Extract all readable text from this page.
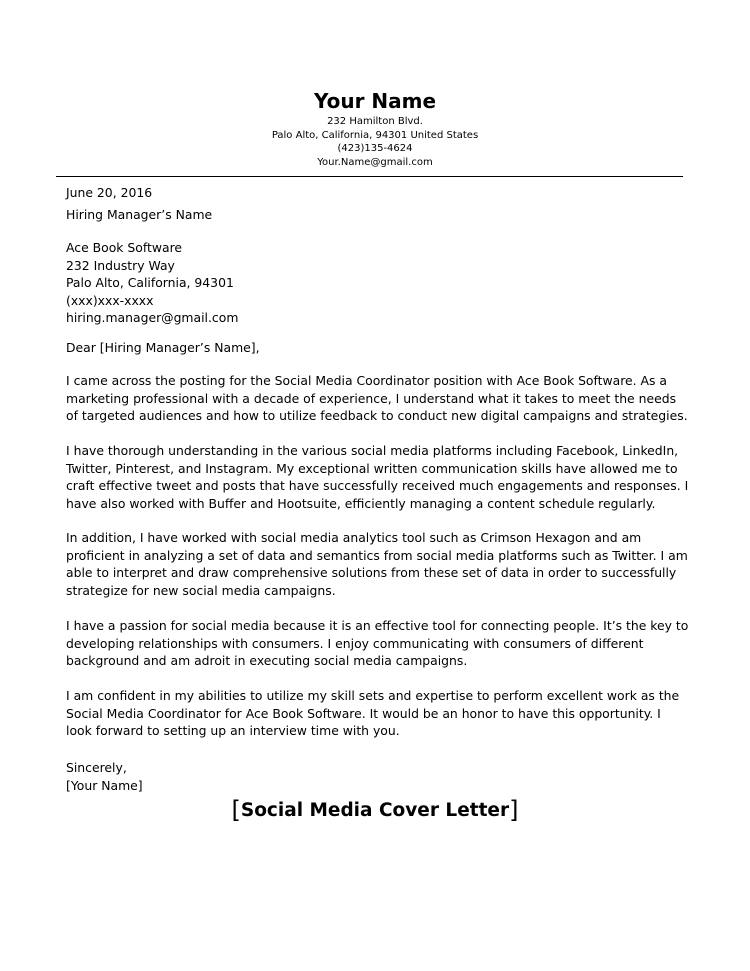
Your Name
232 Hamilton Blvd.
Palo Alto, California, 94301 United States
(423)135-4624
Your.Name@gmail.com
June 20, 2016
Hiring Manager’s Name
Ace Book Software
232 Industry Way
Palo Alto, California, 94301
(xxx)xxx-xxxx
hiring.manager@gmail.com
Dear [Hiring Manager’s Name],
I came across the posting for the Social Media Coordinator position with Ace Book Software. As a
marketing professional with a decade of experience, I understand what it takes to meet the needs
of targeted audiences and how to utilize feedback to conduct new digital campaigns and strategies.
I have thorough understanding in the various social media platforms including Facebook, LinkedIn,
Twitter, Pinterest, and Instagram. My exceptional written communication skills have allowed me to
craft effective tweet and posts that have successfully received much engagements and responses. I
have also worked with Buffer and Hootsuite, efficiently managing a content schedule regularly.
In addition, I have worked with social media analytics tool such as Crimson Hexagon and am
proficient in analyzing a set of data and semantics from social media platforms such as Twitter. I am
able to interpret and draw comprehensive solutions from these set of data in order to successfully
strategize for new social media campaigns.
I have a passion for social media because it is an effective tool for connecting people. It’s the key to
developing relationships with consumers. I enjoy communicating with consumers of different
background and am adroit in executing social media campaigns.
I am confident in my abilities to utilize my skill sets and expertise to perform excellent work as the
Social Media Coordinator for Ace Book Software. It would be an honor to have this opportunity. I
look forward to setting up an interview time with you.
Sincerely,
[Your Name]
[Social Media Cover Letter]
